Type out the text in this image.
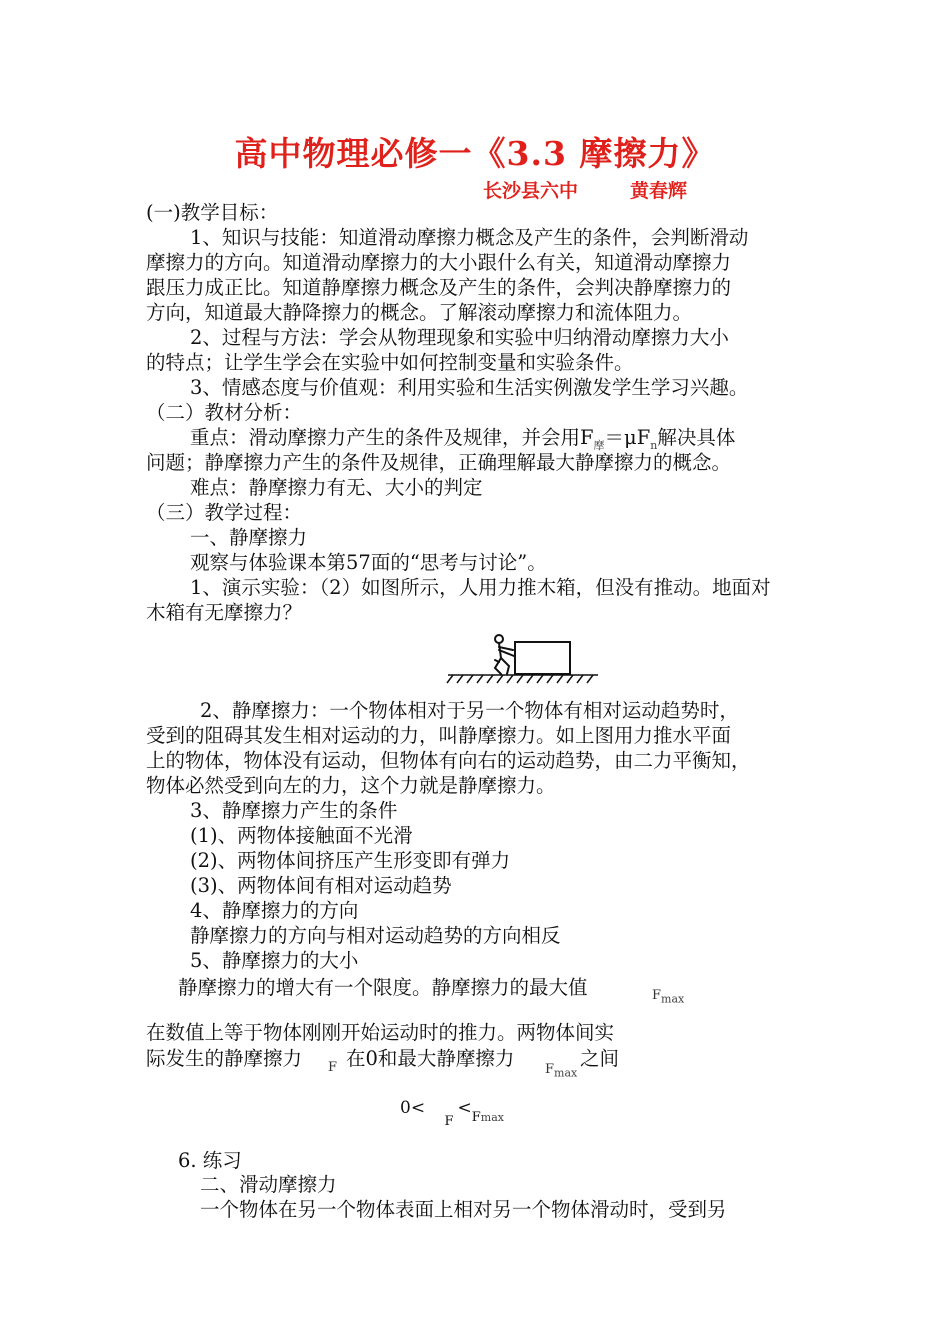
高中物理必修一《3.3 摩擦力》
长沙县六中	黄春辉
(一)教学目标：
1、知识与技能：知道滑动摩擦力概念及产生的条件，会判断滑动
摩擦力的方向。知道滑动摩擦力的大小跟什么有关，知道滑动摩擦力
跟压力成正比。知道静摩擦力概念及产生的条件，会判决静摩擦力的
方向，知道最大静降擦力的概念。了解滚动摩擦力和流体阻力。
2、过程与方法：学会从物理现象和实验中归纳滑动摩擦力大小
的特点；让学生学会在实验中如何控制变量和实验条件。
3、情感态度与价值观：利用实验和生活实例激发学生学习兴趣。
（二）教材分析：
重点：滑动摩擦力产生的条件及规律，并会用$F_摩=\mu F_n$解决具体
问题；静摩擦力产生的条件及规律，正确理解最大静摩擦力的概念。
难点：静摩擦力有无、大小的判定
（三）教学过程：
一、静摩擦力
观察与体验课本第57面的“思考与讨论”。
1、演示实验：（2）如图所示，人用力推木箱，但没有推动。地面对
木箱有无摩擦力？
2、静摩擦力：一个物体相对于另一个物体有相对运动趋势时，
受到的阻碍其发生相对运动的力，叫静摩擦力。如上图用力推水平面
上的物体，物体没有运动，但物体有向右的运动趋势，由二力平衡知，
物体必然受到向左的力，这个力就是静摩擦力。
3、静摩擦力产生的条件
(1)、两物体接触面不光滑
(2)、两物体间挤压产生形变即有弹力
(3)、两物体间有相对运动趋势
4、静摩擦力的方向
静摩擦力的方向与相对运动趋势的方向相反
5、静摩擦力的大小
静摩擦力的增大有一个限度。静摩擦力的最大值	$F_{max}$
在数值上等于物体刚刚开始运动时的推力。两物体间实
际发生的静摩擦力 F 在0和最大静摩擦力 $F_{max}$
之间
$0< _F<_{Fmax}$
6. 练习
二、滑动摩擦力
一个物体在另一个物体表面上相对另一个物体滑动时，受到另
